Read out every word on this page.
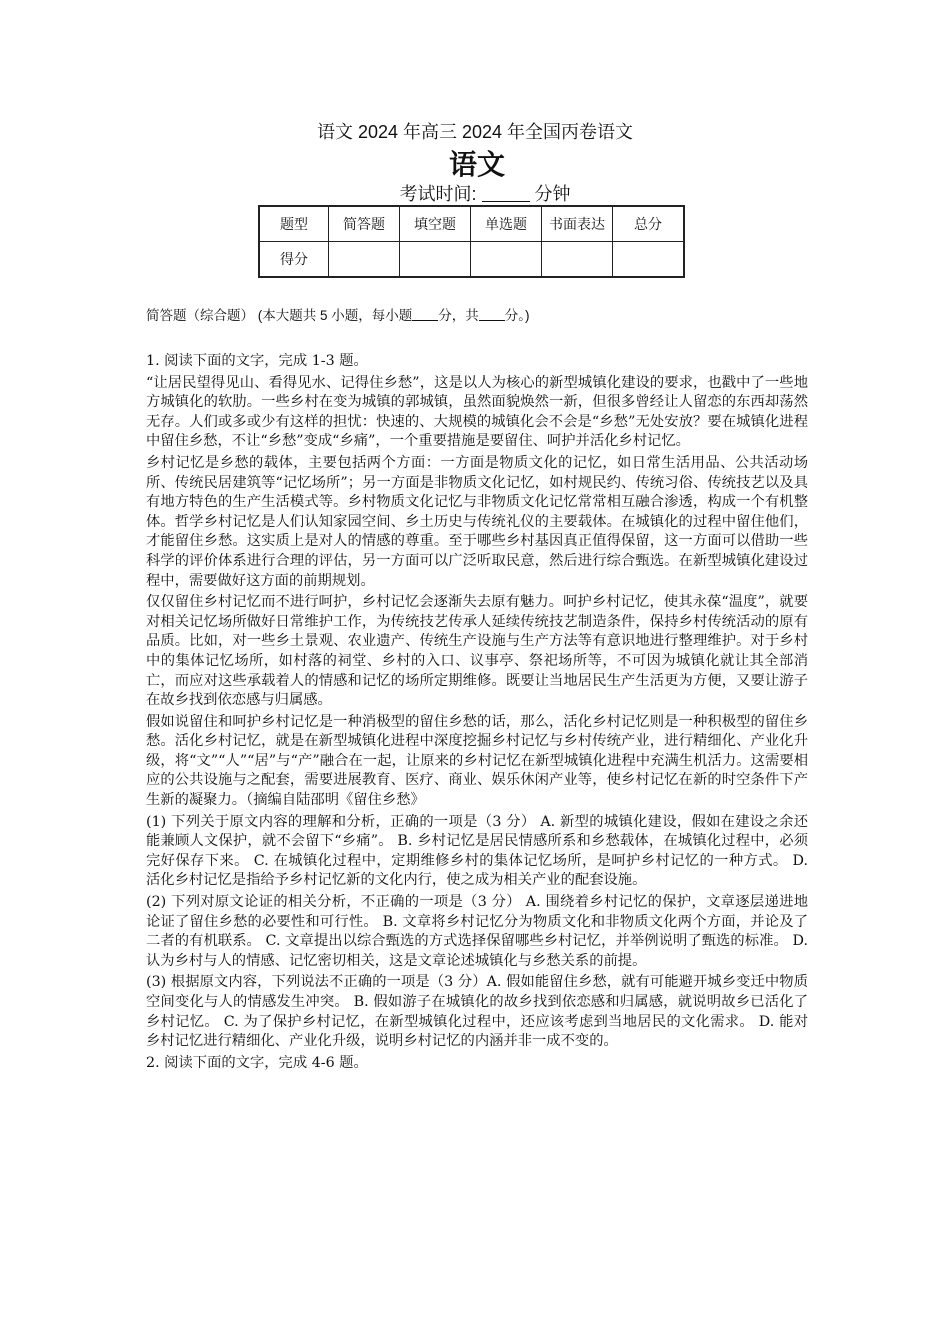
语文 2024 年高三 2024 年全国丙卷语文
语文
考试时间:	分钟
题型	简答题	填空题	单选题	书面表达	总分
得分					
简答题（综合题） (本大题共 5 小题，每小题 分，共 分。)

1. 阅读下面的文字，完成 1-3 题。

“让居民望得见山、看得见水、记得住乡愁”，这是以人为核心的新型城镇化建设的要求，也戳中了一些地方城镇化的软肋。一些乡村在变为城镇的郭城镇，虽然面貌焕然一新，但很多曾经让人留恋的东西却荡然无存。人们或多或少有这样的担忧：快速的、大规模的城镇化会不会是“乡愁”无处安放？要在城镇化进程中留住乡愁，不让“乡愁”变成“乡痛”，一个重要措施是要留住、呵护并活化乡村记忆。

乡村记忆是乡愁的载体，主要包括两个方面：一方面是物质文化的记忆，如日常生活用品、公共活动场所、传统民居建筑等“记忆场所”；另一方面是非物质文化记忆，如村规民约、传统习俗、传统技艺以及具有地方特色的生产生活模式等。乡村物质文化记忆与非物质文化记忆常常相互融合渗透，构成一个有机整体。哲学乡村记忆是人们认知家园空间、乡土历史与传统礼仪的主要载体。在城镇化的过程中留住他们，才能留住乡愁。这实质上是对人的情感的尊重。至于哪些乡村基因真正值得保留，这一方面可以借助一些科学的评价体系进行合理的评估，另一方面可以广泛听取民意，然后进行综合甄选。在新型城镇化建设过程中，需要做好这方面的前期规划。

仅仅留住乡村记忆而不进行呵护，乡村记忆会逐渐失去原有魅力。呵护乡村记忆，使其永葆“温度”，就要对相关记忆场所做好日常维护工作，为传统技艺传承人延续传统技艺制造条件，保持乡村传统活动的原有品质。比如，对一些乡土景观、农业遗产、传统生产设施与生产方法等有意识地进行整理维护。对于乡村中的集体记忆场所，如村落的祠堂、乡村的入口、议事亭、祭祀场所等，不可因为城镇化就让其全部消亡，而应对这些承载着人的情感和记忆的场所定期维修。既要让当地居民生产生活更为方便，又要让游子在故乡找到依恋感与归属感。

假如说留住和呵护乡村记忆是一种消极型的留住乡愁的话，那么，活化乡村记忆则是一种积极型的留住乡愁。活化乡村记忆，就是在新型城镇化进程中深度挖掘乡村记忆与乡村传统产业，进行精细化、产业化升级，将“文”“人”“居”与“产”融合在一起，让原来的乡村记忆在新型城镇化进程中充满生机活力。这需要相应的公共设施与之配套，需要进展教育、医疗、商业、娱乐休闲产业等，使乡村记忆在新的时空条件下产生新的凝聚力。（摘编自陆邵明《留住乡愁》

(1) 下列关于原文内容的理解和分析，正确的一项是（3 分） A. 新型的城镇化建设，假如在建设之余还能兼顾人文保护，就不会留下“乡痛”。 B. 乡村记忆是居民情感所系和乡愁载体，在城镇化过程中，必须完好保存下来。 C. 在城镇化过程中，定期维修乡村的集体记忆场所，是呵护乡村记忆的一种方式。 D. 活化乡村记忆是指给予乡村记忆新的文化内行，使之成为相关产业的配套设施。

(2) 下列对原文论证的相关分析，不正确的一项是（3 分） A. 围绕着乡村记忆的保护，文章逐层递进地论证了留住乡愁的必要性和可行性。 B. 文章将乡村记忆分为物质文化和非物质文化两个方面，并论及了二者的有机联系。 C. 文章提出以综合甄选的方式选择保留哪些乡村记忆，并举例说明了甄选的标准。 D. 认为乡村与人的情感、记忆密切相关，这是文章论述城镇化与乡愁关系的前提。

(3) 根据原文内容，下列说法不正确的一项是（3 分）A. 假如能留住乡愁，就有可能避开城乡变迁中物质空间变化与人的情感发生冲突。 B. 假如游子在城镇化的故乡找到依恋感和归属感，就说明故乡已活化了乡村记忆。 C. 为了保护乡村记忆，在新型城镇化过程中，还应该考虑到当地居民的文化需求。 D. 能对乡村记忆进行精细化、产业化升级，说明乡村记忆的内涵并非一成不变的。

2. 阅读下面的文字，完成 4-6 题。
